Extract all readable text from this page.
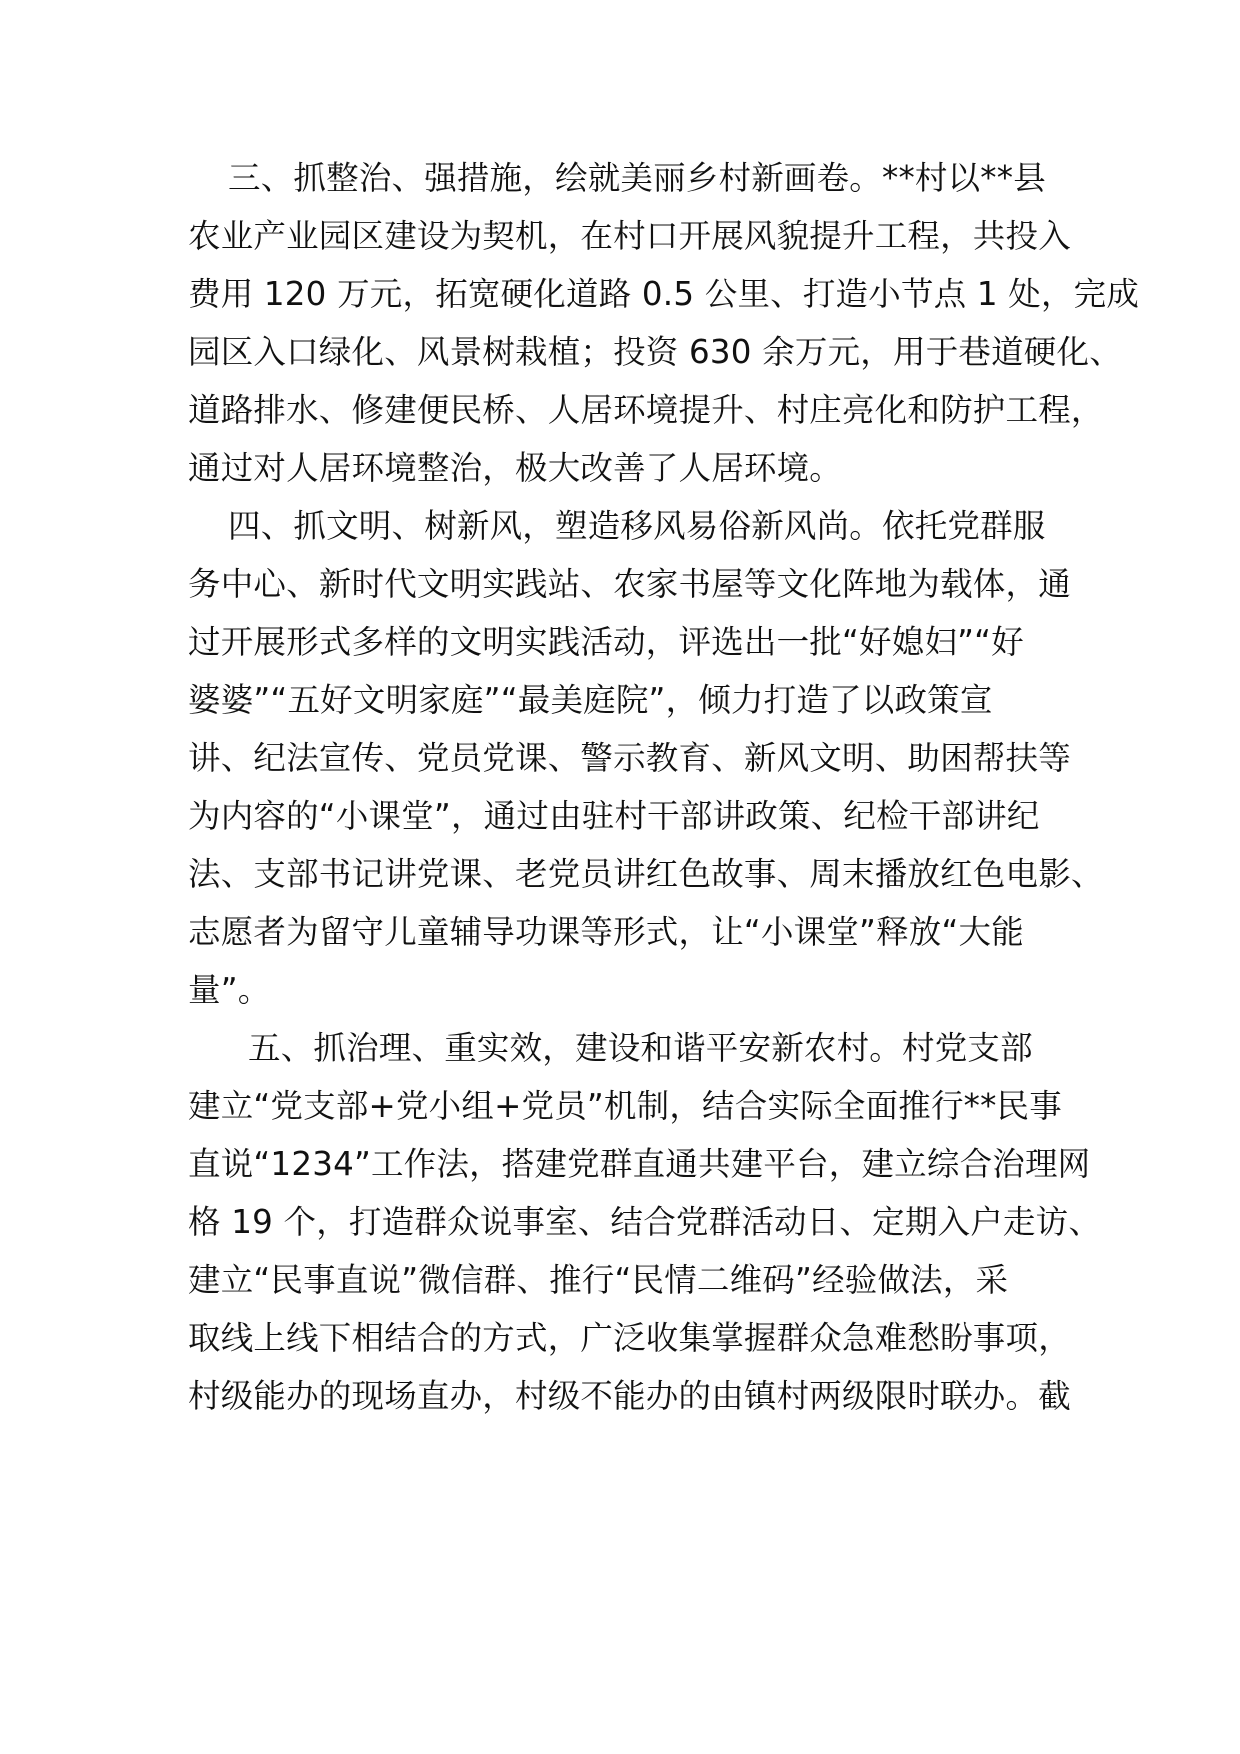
三、抓整治、强措施，绘就美丽乡村新画卷。**村以**县
农业产业园区建设为契机，在村口开展风貌提升工程，共投入
费用 120 万元，拓宽硬化道路 0.5 公里、打造小节点 1 处，完成
园区入口绿化、风景树栽植；投资 630 余万元，用于巷道硬化、
道路排水、修建便民桥、人居环境提升、村庄亮化和防护工程，
通过对人居环境整治，极大改善了人居环境。
四、抓文明、树新风，塑造移风易俗新风尚。依托党群服
务中心、新时代文明实践站、农家书屋等文化阵地为载体，通
过开展形式多样的文明实践活动，评选出一批“好媳妇”“好
婆婆”“五好文明家庭”“最美庭院”，倾力打造了以政策宣
讲、纪法宣传、党员党课、警示教育、新风文明、助困帮扶等
为内容的“小课堂”，通过由驻村干部讲政策、纪检干部讲纪
法、支部书记讲党课、老党员讲红色故事、周末播放红色电影、
志愿者为留守儿童辅导功课等形式，让“小课堂”释放“大能
量”。
五、抓治理、重实效，建设和谐平安新农村。村党支部
建立“党支部+党小组+党员”机制，结合实际全面推行**民事
直说“1234”工作法，搭建党群直通共建平台，建立综合治理网
格 19 个，打造群众说事室、结合党群活动日、定期入户走访、
建立“民事直说”微信群、推行“民情二维码”经验做法，采
取线上线下相结合的方式，广泛收集掌握群众急难愁盼事项，
村级能办的现场直办，村级不能办的由镇村两级限时联办。截
